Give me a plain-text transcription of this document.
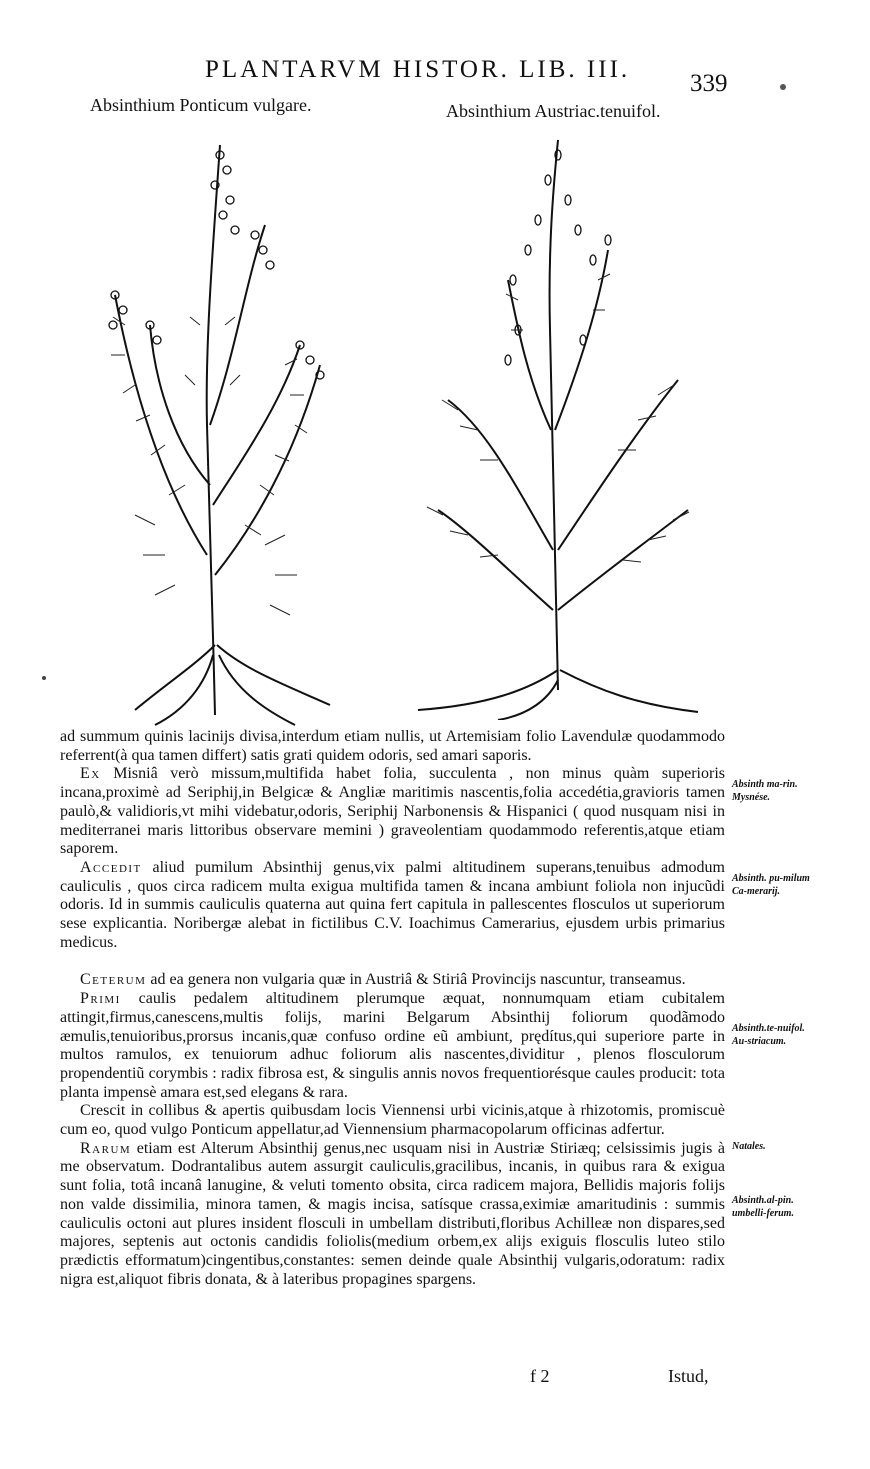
PLANTARVM HISTOR. LIB. III.
339
Absinthium Ponticum vulgare.	Absinthium Austriac.tenuifol.

ad summum quinis lacinijs divisa,interdum etiam nullis, ut Artemisiam folio Lavendulæ quodammodo referrent(à qua tamen differt) satis grati quidem odoris, sed amari saporis.

Ex Misniâ verò missum,multifida habet folia, succulenta , non minus quàm superioris incana,proximè ad Seriphij,in Belgicæ & Angliæ maritimis nascentis,folia accedétia,gravioris tamen paulò,& validioris,vt mihi videbatur,odoris, Seriphij Narbonensis & Hispanici ( quod nusquam nisi in mediterranei maris littoribus observare memini ) graveolentiam quodammodo referentis,atque etiam saporem.

Accedit aliud pumilum Absinthij genus,vix palmi altitudinem superans,tenuibus admodum cauliculis , quos circa radicem multa exigua multifida tamen & incana ambiunt foliola non injucũdi odoris. Id in summis cauliculis quaterna aut quina fert capitula in pallescentes flosculos ut superiorum sese explicantia. Noribergæ alebat in fictilibus C.V. Ioachimus Camerarius, ejusdem urbis primarius medicus.

Ceterum ad ea genera non vulgaria quæ in Austriâ & Stiriâ Provincijs nascuntur, transeamus.

Primi caulis pedalem altitudinem plerumque æquat, nonnumquam etiam cubitalem attingit,firmus,canescens,multis folijs, marini Belgarum Absinthij foliorum quodãmodo æmulis,tenuioribus,prorsus incanis,quæ confuso ordine eũ ambiunt, prędítus,qui superiore parte in multos ramulos, ex tenuiorum adhuc foliorum alis nascentes,dividitur , plenos flosculorum propendentiũ corymbis : radix fibrosa est, & singulis annis novos frequentiorésque caules producit: tota planta impensè amara est,sed elegans & rara.

Crescit in collibus & apertis quibusdam locis Viennensi urbi vicinis,atque à rhizotomis, promiscuè cum eo, quod vulgo Ponticum appellatur,ad Viennensium pharmacopolarum officinas adfertur.

Rarum etiam est Alterum Absinthij genus,nec usquam nisi in Austriæ Stiriæq; celsissimis jugis à me observatum. Dodrantalibus autem assurgit cauliculis,gracilibus, incanis, in quibus rara & exigua sunt folia, totâ incanâ lanugine, & veluti tomento obsita, circa radicem majora, Bellidis majoris folijs non valde dissimilia, minora tamen, & magis incisa, satísque crassa,eximiæ amaritudinis : summis cauliculis octoni aut plures insident flosculi in umbellam distributi,floribus Achilleæ non dispares,sed majores, septenis aut octonis candidis foliolis(medium orbem,ex alijs exiguis flosculis luteo stilo prædictis efformatum)cingentibus,constantes: semen deinde quale Absinthij vulgaris,odoratum: radix nigra est,aliquot fibris donata, & à lateribus propagines spargens.

Absinth ma-rin. Mysnése.
Absinth. pu-milum Ca-merarij.
Absinth.te-nuifol. Au-striacum.
Natales.
Absinth.al-pin. umbelli-ferum.
f 2	Istud,
